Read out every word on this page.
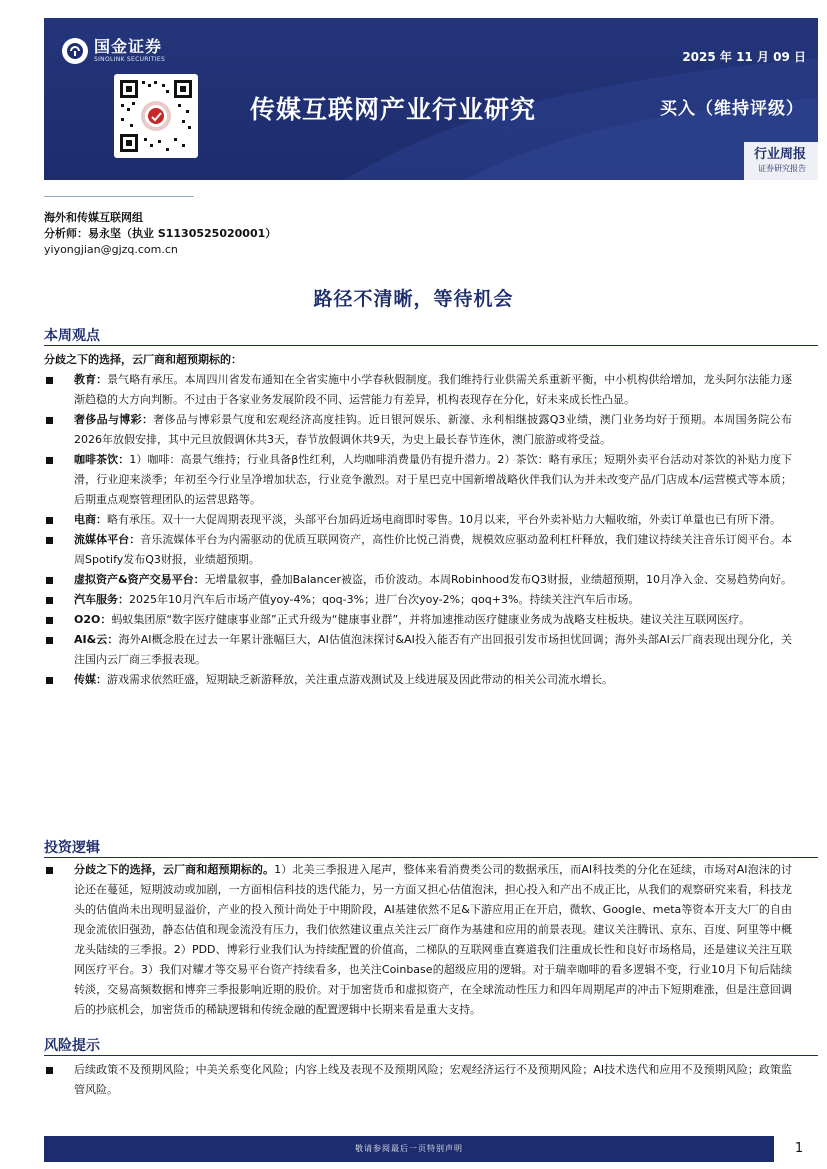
国金证券
SINOLINK SECURITIES	2025 年 11 月 09 日
传媒互联网产业行业研究	买入（维持评级）
行业周报
证券研究报告
海外和传媒互联网组
分析师：易永坚（执业 S1130525020001）
yiyongjian@gjzq.com.cn
路径不清晰，等待机会
本周观点
分歧之下的选择，云厂商和超预期标的：
教育：景气略有承压。本周四川省发布通知在全省实施中小学春秋假制度。我们维持行业供需关系重新平衡，中小机构供给增加，龙头阿尔法能力逐渐趋稳的大方向判断。不过由于各家业务发展阶段不同、运营能力有差异，机构表现存在分化，好未来成长性凸显。
奢侈品与博彩：奢侈品与博彩景气度和宏观经济高度挂钩。近日银河娱乐、新濠、永利相继披露Q3业绩，澳门业务均好于预期。本周国务院公布2026年放假安排，其中元旦放假调休共3天，春节放假调休共9天，为史上最长春节连休，澳门旅游或将受益。
咖啡茶饮：1）咖啡：高景气维持；行业具备β性红利，人均咖啡消费量仍有提升潜力。2）茶饮：略有承压；短期外卖平台活动对茶饮的补贴力度下滑，行业迎来淡季；年初至今行业呈净增加状态，行业竞争激烈。对于星巴克中国新增战略伙伴我们认为并未改变产品/门店成本/运营模式等本质；后期重点观察管理团队的运营思路等。
电商：略有承压。双十一大促周期表现平淡，头部平台加码近场电商即时零售。10月以来，平台外卖补贴力大幅收缩，外卖订单量也已有所下滑。
流媒体平台：音乐流媒体平台为内需驱动的优质互联网资产，高性价比悦己消费，规模效应驱动盈利杠杆释放，我们建议持续关注音乐订阅平台。本周Spotify发布Q3财报，业绩超预期。
虚拟资产&资产交易平台：无增量叙事，叠加Balancer被盗，币价波动。本周Robinhood发布Q3财报，业绩超预期，10月净入金、交易趋势向好。
汽车服务：2025年10月汽车后市场产值yoy-4%；qoq-3%；进厂台次yoy-2%；qoq+3%。持续关注汽车后市场。
O2O：蚂蚁集团原“数字医疗健康事业部”正式升级为“健康事业群”，并将加速推动医疗健康业务成为战略支柱板块。建议关注互联网医疗。
AI&云：海外AI概念股在过去一年累计涨幅巨大，AI估值泡沫探讨&AI投入能否有产出回报引发市场担忧回调；海外头部AI云厂商表现出现分化，关注国内云厂商三季报表现。
传媒：游戏需求依然旺盛，短期缺乏新游释放，关注重点游戏测试及上线进展及因此带动的相关公司流水增长。
投资逻辑
分歧之下的选择，云厂商和超预期标的。1）北美三季报进入尾声，整体来看消费类公司的数据承压，而AI科技类的分化在延续，市场对AI泡沫的讨论还在蔓延，短期波动或加剧，一方面相信科技的迭代能力，另一方面又担心估值泡沫，担心投入和产出不成正比，从我们的观察研究来看，科技龙头的估值尚未出现明显溢价，产业的投入预计尚处于中期阶段，AI基建依然不足&下游应用正在开启，微软、Google、meta等资本开支大厂的自由现金流依旧强劲，静态估值和现金流没有压力，我们依然建议重点关注云厂商作为基建和应用的前景表现。建议关注腾讯、京东、百度、阿里等中概龙头陆续的三季报。2）PDD、博彩行业我们认为持续配置的价值高，二梯队的互联网垂直赛道我们注重成长性和良好市场格局，还是建议关注互联网医疗平台。3）我们对耀才等交易平台资产持续看多，也关注Coinbase的超级应用的逻辑。对于瑞幸咖啡的看多逻辑不变，行业10月下旬后陆续转淡，交易高频数据和博弈三季报影响近期的股价。对于加密货币和虚拟资产，在全球流动性压力和四年周期尾声的冲击下短期难涨，但是注意回调后的抄底机会，加密货币的稀缺逻辑和传统金融的配置逻辑中长期来看是重大支持。
风险提示
后续政策不及预期风险；中美关系变化风险；内容上线及表现不及预期风险；宏观经济运行不及预期风险；AI技术迭代和应用不及预期风险；政策监管风险。
敬请参阅最后一页特别声明	1
